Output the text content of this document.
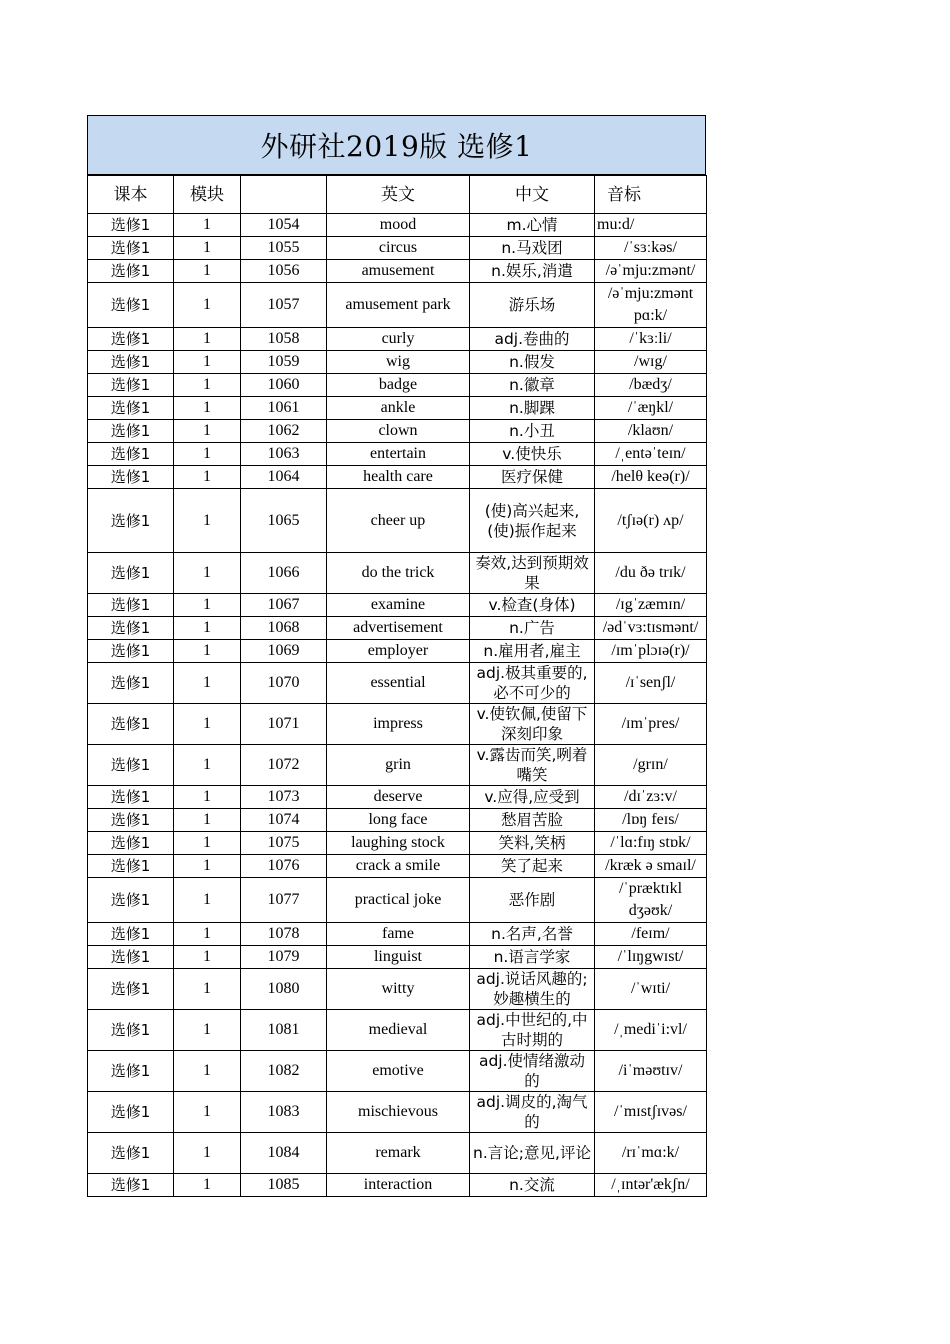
外研社2019版 选修1
课本	模块		英文	中文	音标
选修1	1	1054	mood	m.心情	mu:d/
选修1	1	1055	circus	n.马戏团	/ˈsɜːkəs/
选修1	1	1056	amusement	n.娱乐,消遣	/əˈmju:zmənt/
选修1	1	1057	amusement park	游乐场	/əˈmju:zmənt pɑ:k/
选修1	1	1058	curly	adj.卷曲的	/ˈkɜːli/
选修1	1	1059	wig	n.假发	/wɪg/
选修1	1	1060	badge	n.徽章	/bædʒ/
选修1	1	1061	ankle	n.脚踝	/ˈæŋkl/
选修1	1	1062	clown	n.小丑	/klaʊn/
选修1	1	1063	entertain	v.使快乐	/ˌentəˈteɪn/
选修1	1	1064	health care	医疗保健	/helθ keə(r)/
选修1	1	1065	cheer up	(使)高兴起来,(使)振作起来	/tʃɪə(r) ʌp/
选修1	1	1066	do the trick	奏效,达到预期效果	/du ðə trɪk/
选修1	1	1067	examine	v.检查(身体)	/ɪgˈzæmɪn/
选修1	1	1068	advertisement	n.广告	/ədˈvɜ:tɪsmənt/
选修1	1	1069	employer	n.雇用者,雇主	/ɪmˈplɔɪə(r)/
选修1	1	1070	essential	adj.极其重要的,必不可少的	/ɪˈsenʃl/
选修1	1	1071	impress	v.使钦佩,使留下深刻印象	/ɪmˈpres/
选修1	1	1072	grin	v.露齿而笑,咧着嘴笑	/grɪn/
选修1	1	1073	deserve	v.应得,应受到	/dɪˈzɜ:v/
选修1	1	1074	long face	愁眉苦脸	/lɒŋ feɪs/
选修1	1	1075	laughing stock	笑料,笑柄	/ˈlɑ:fɪŋ stɒk/
选修1	1	1076	crack a smile	笑了起来	/kræk ə smaɪl/
选修1	1	1077	practical joke	恶作剧	/ˈpræktɪkl dʒəʊk/
选修1	1	1078	fame	n.名声,名誉	/feɪm/
选修1	1	1079	linguist	n.语言学家	/ˈlɪŋgwɪst/
选修1	1	1080	witty	adj.说话风趣的;妙趣横生的	/ˈwɪti/
选修1	1	1081	medieval	adj.中世纪的,中古时期的	/ˌmediˈi:vl/
选修1	1	1082	emotive	adj.使情绪激动的	/iˈməʊtɪv/
选修1	1	1083	mischievous	adj.调皮的,淘气的	/ˈmɪstʃɪvəs/
选修1	1	1084	remark	n.言论;意见,评论	/rɪˈmɑ:k/
选修1	1	1085	interaction	n.交流	/ˌɪntər'ækʃn/
